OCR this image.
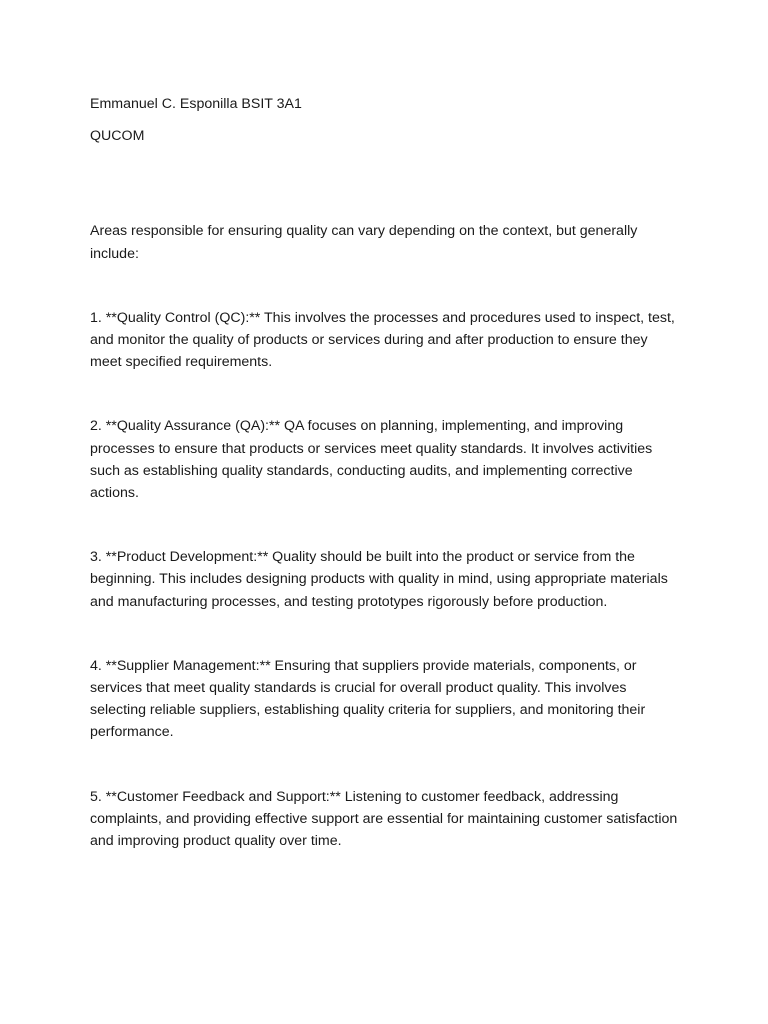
Emmanuel C. Esponilla BSIT 3A1

QUCOM

Areas responsible for ensuring quality can vary depending on the context, but generally include:

1. **Quality Control (QC):** This involves the processes and procedures used to inspect, test, and monitor the quality of products or services during and after production to ensure they meet specified requirements.

2. **Quality Assurance (QA):** QA focuses on planning, implementing, and improving processes to ensure that products or services meet quality standards. It involves activities such as establishing quality standards, conducting audits, and implementing corrective actions.

3. **Product Development:** Quality should be built into the product or service from the beginning. This includes designing products with quality in mind, using appropriate materials and manufacturing processes, and testing prototypes rigorously before production.

4. **Supplier Management:** Ensuring that suppliers provide materials, components, or services that meet quality standards is crucial for overall product quality. This involves selecting reliable suppliers, establishing quality criteria for suppliers, and monitoring their performance.

5. **Customer Feedback and Support:** Listening to customer feedback, addressing complaints, and providing effective support are essential for maintaining customer satisfaction and improving product quality over time.
